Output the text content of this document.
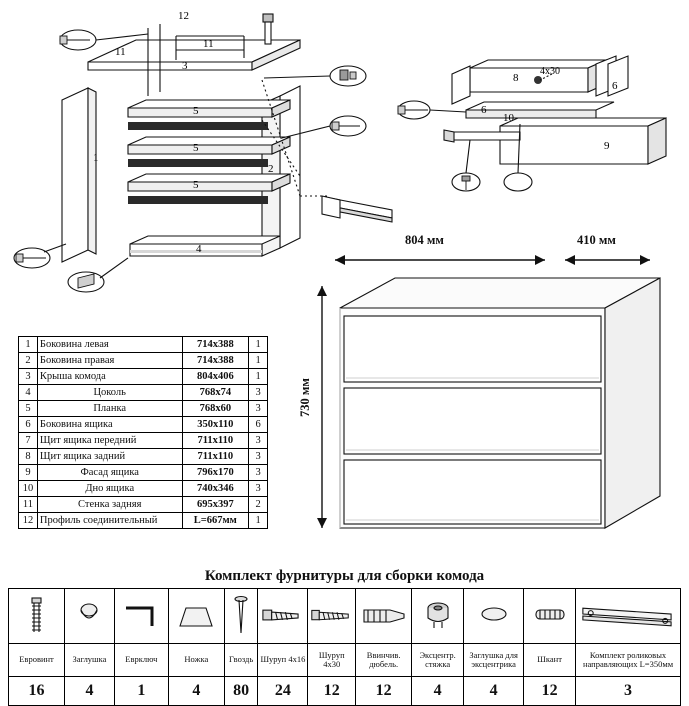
12
11
11
3
5
5
5
1
2
4
8
6
6
10
9
4x30
1	Боковина левая	714х388	1
2	Боковина правая	714х388	1
3	Крыша комода	804х406	1
4	Цоколь	768х74	3
5	Планка	768х60	3
6	Боковина ящика	350х110	6
7	Щит ящика передний	711х110	3
8	Щит ящика задний	711х110	3
9	Фасад ящика	796х170	3
10	Дно ящика	740х346	3
11	Стенка задняя	695х397	2
12	Профиль соединительный	L=667мм	1
804 мм	410 мм
730 мм
Комплект фурнитуры для сборки комода

Евровинт	Заглушка	Еврключ	Ножка	Гвоздь	Шуруп 4х16	Шуруп 4х30	Ввинчив. дюбель.	Эксцентр. стяжка	Заглушка для эксцентрика	Шкант	Комплект роликовых направляющих L=350мм
16	4	1	4	80	24	12	12	4	4	12	3
